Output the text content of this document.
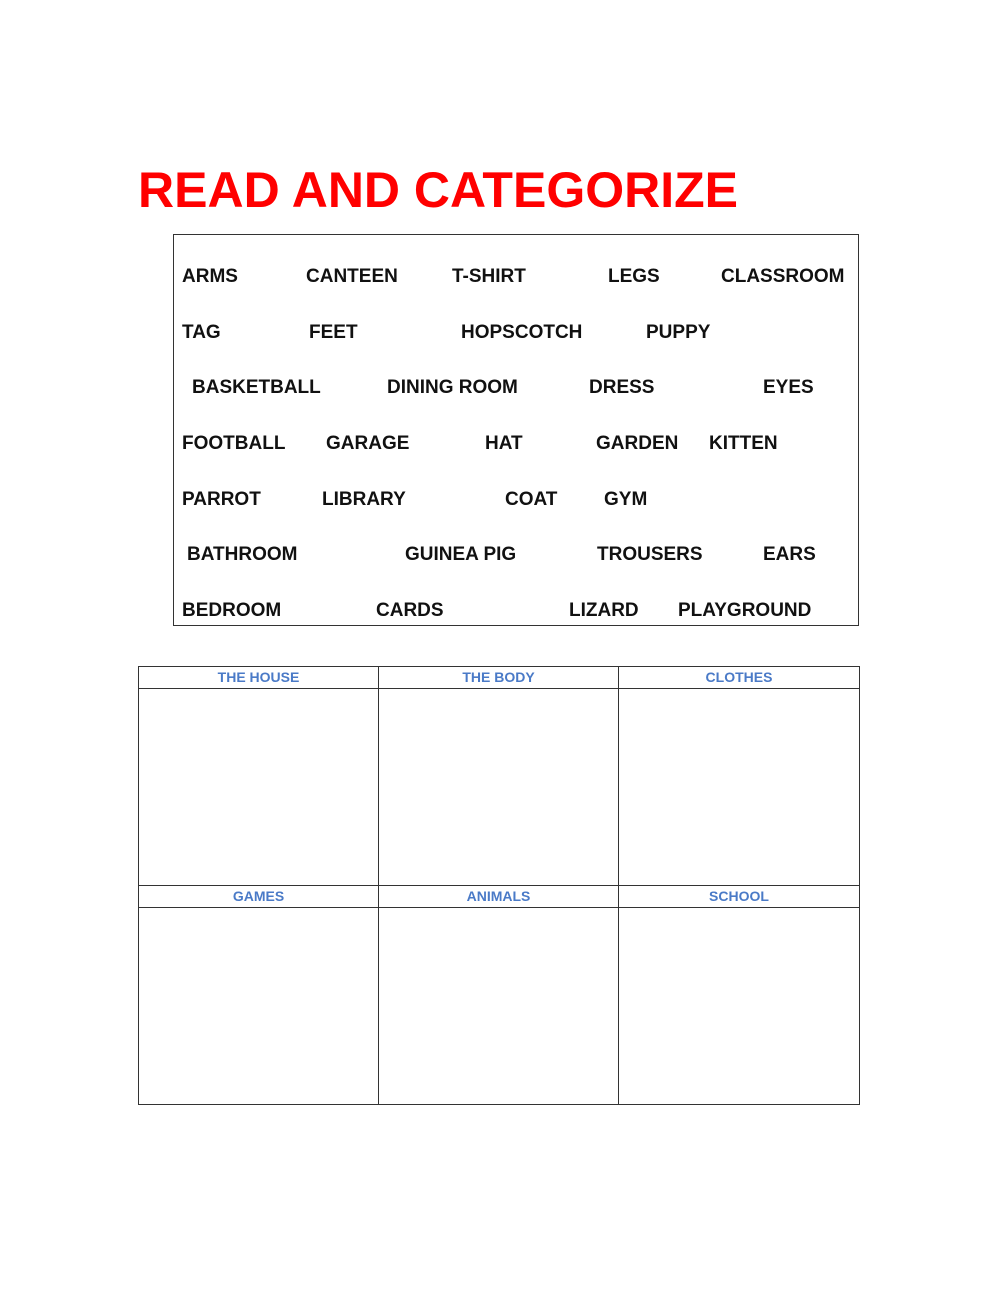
READ AND CATEGORIZE
ARMS	CANTEEN	T-SHIRT	LEGS	CLASSROOM
TAG	FEET	HOPSCOTCH	PUPPY
BASKETBALL	DINING ROOM	DRESS	EYES
FOOTBALL GARAGE	HAT	GARDEN KITTEN
PARROT	LIBRARY	COAT GYM
BATHROOM	GUINEA PIG	TROUSERS	EARS
BEDROOM	CARDS	LIZARD PLAYGROUND
THE HOUSE	THE BODY	CLOTHES

GAMES	ANIMALS	SCHOOL
